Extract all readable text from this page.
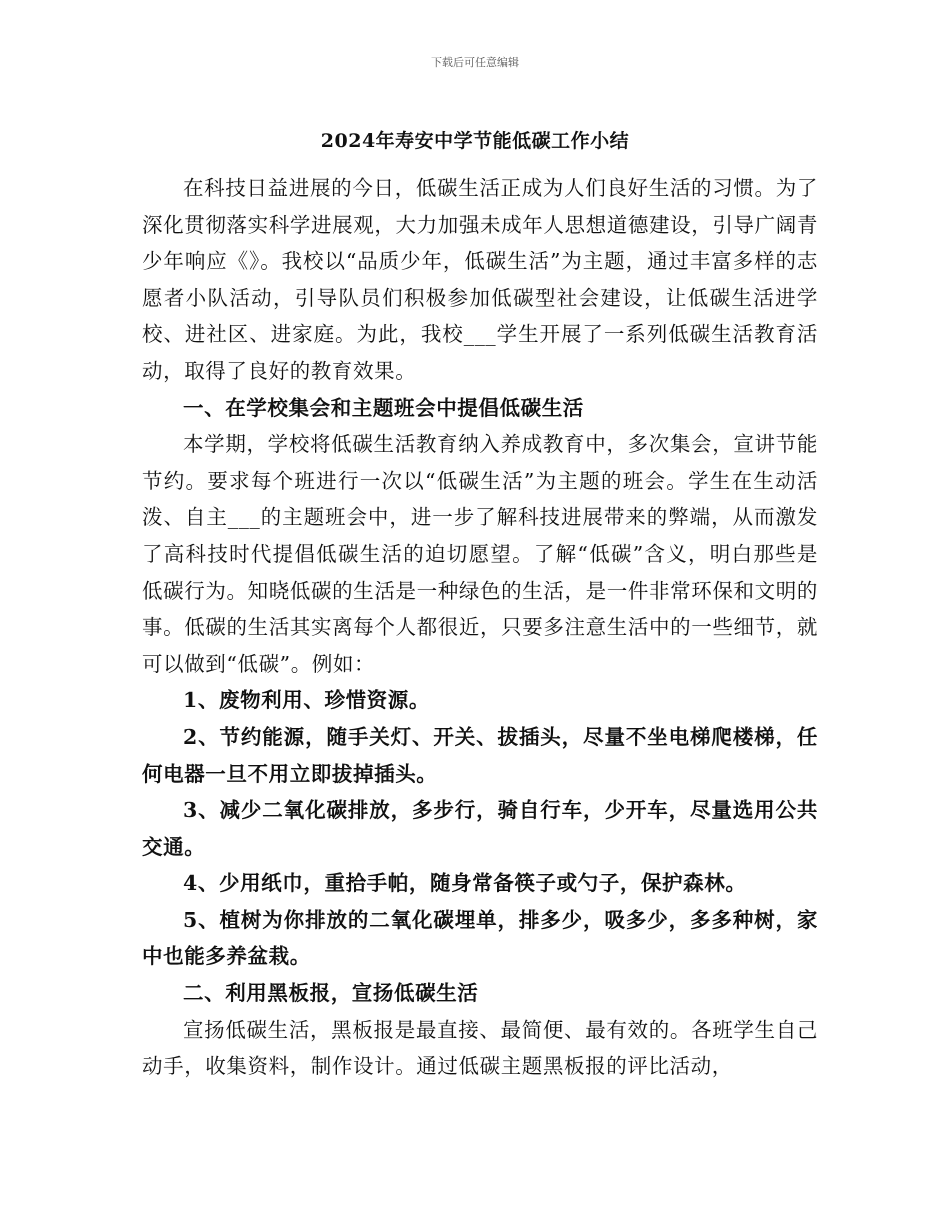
下载后可任意编辑
2024年寿安中学节能低碳工作小结

在科技日益进展的今日，低碳生活正成为人们良好生活的习惯。为了深化贯彻落实科学进展观，大力加强未成年人思想道德建设，引导广阔青少年响应《》。我校以“品质少年，低碳生活”为主题，通过丰富多样的志愿者小队活动，引导队员们积极参加低碳型社会建设，让低碳生活进学校、进社区、进家庭。为此，我校___学生开展了一系列低碳生活教育活动，取得了良好的教育效果。

一、在学校集会和主题班会中提倡低碳生活

本学期，学校将低碳生活教育纳入养成教育中，多次集会，宣讲节能节约。要求每个班进行一次以“低碳生活”为主题的班会。学生在生动活泼、自主___的主题班会中，进一步了解科技进展带来的弊端，从而激发了高科技时代提倡低碳生活的迫切愿望。了解“低碳”含义，明白那些是低碳行为。知晓低碳的生活是一种绿色的生活，是一件非常环保和文明的事。低碳的生活其实离每个人都很近，只要多注意生活中的一些细节，就可以做到“低碳”。例如：

1、废物利用、珍惜资源。

2、节约能源，随手关灯、开关、拔插头，尽量不坐电梯爬楼梯，任何电器一旦不用立即拔掉插头。

3、减少二氧化碳排放，多步行，骑自行车，少开车，尽量选用公共交通。

4、少用纸巾，重拾手帕，随身常备筷子或勺子，保护森林。

5、植树为你排放的二氧化碳埋单，排多少，吸多少，多多种树，家中也能多养盆栽。

二、利用黑板报，宣扬低碳生活

宣扬低碳生活，黑板报是最直接、最简便、最有效的。各班学生自己动手，收集资料，制作设计。通过低碳主题黑板报的评比活动，
